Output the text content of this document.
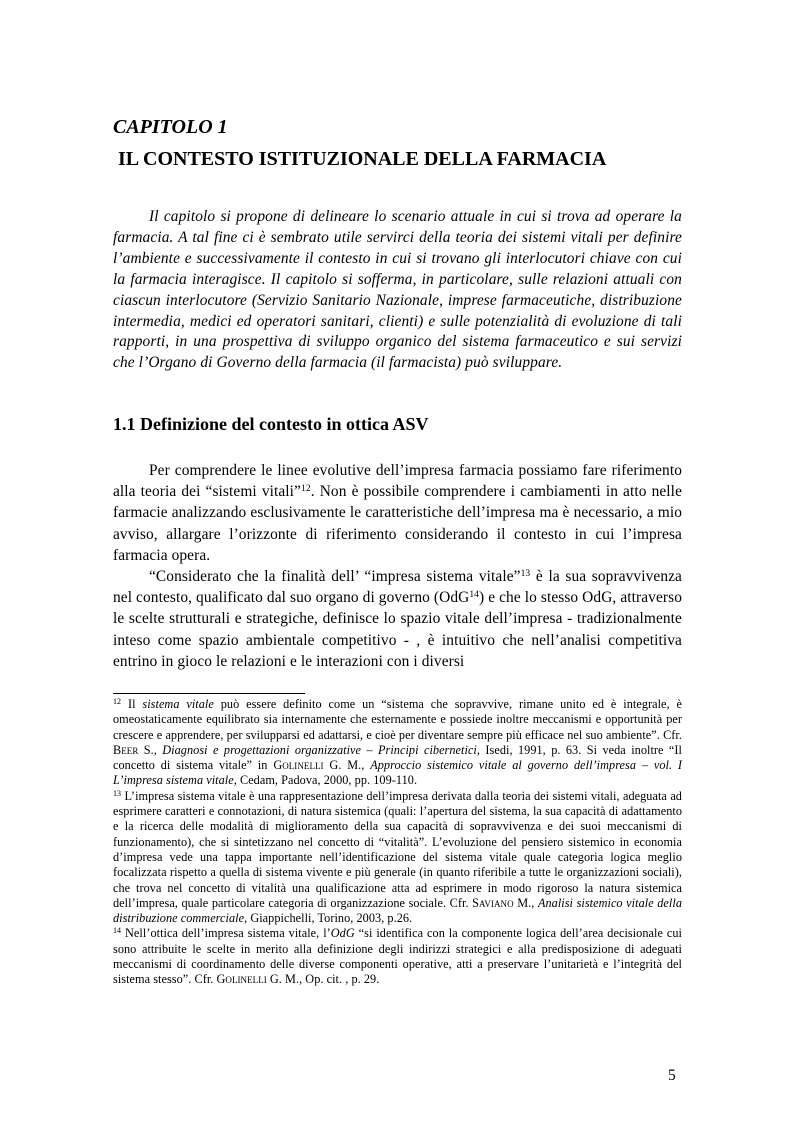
CAPITOLO 1
IL CONTESTO ISTITUZIONALE DELLA FARMACIA

Il capitolo si propone di delineare lo scenario attuale in cui si trova ad operare la farmacia. A tal fine ci è sembrato utile servirci della teoria dei sistemi vitali per definire l’ambiente e successivamente il contesto in cui si trovano gli interlocutori chiave con cui la farmacia interagisce. Il capitolo si sofferma, in particolare, sulle relazioni attuali con ciascun interlocutore (Servizio Sanitario Nazionale, imprese farmaceutiche, distribuzione intermedia, medici ed operatori sanitari, clienti) e sulle potenzialità di evoluzione di tali rapporti, in una prospettiva di sviluppo organico del sistema farmaceutico e sui servizi che l’Organo di Governo della farmacia (il farmacista) può sviluppare.

1.1 Definizione del contesto in ottica ASV

Per comprendere le linee evolutive dell’impresa farmacia possiamo fare riferimento alla teoria dei “sistemi vitali”$^{12}$. Non è possibile comprendere i cambiamenti in atto nelle farmacie analizzando esclusivamente le caratteristiche dell’impresa ma è necessario, a mio avviso, allargare l’orizzonte di riferimento considerando il contesto in cui l’impresa farmacia opera.

“Considerato che la finalità dell’ “impresa sistema vitale”$^{13}$ è la sua sopravvivenza nel contesto, qualificato dal suo organo di governo (OdG$^{14}$) e che lo stesso OdG, attraverso le scelte strutturali e strategiche, definisce lo spazio vitale dell’impresa - tradizionalmente inteso come spazio ambientale competitivo - , è intuitivo che nell’analisi competitiva entrino in gioco le relazioni e le interazioni con i diversi

$^{12}$ Il sistema vitale può essere definito come un “sistema che sopravvive, rimane unito ed è integrale, è omeostaticamente equilibrato sia internamente che esternamente e possiede inoltre meccanismi e opportunità per crescere e apprendere, per svilupparsi ed adattarsi, e cioè per diventare sempre più efficace nel suo ambiente”. Cfr. Beer S., Diagnosi e progettazioni organizzative – Principi cibernetici, Isedi, 1991, p. 63. Si veda inoltre “Il concetto di sistema vitale” in Golinelli G. M., Approccio sistemico vitale al governo dell’impresa – vol. I L’impresa sistema vitale, Cedam, Padova, 2000, pp. 109-110.

$^{13}$ L’impresa sistema vitale è una rappresentazione dell’impresa derivata dalla teoria dei sistemi vitali, adeguata ad esprimere caratteri e connotazioni, di natura sistemica (quali: l’apertura del sistema, la sua capacità di adattamento e la ricerca delle modalità di miglioramento della sua capacità di sopravvivenza e dei suoi meccanismi di funzionamento), che si sintetizzano nel concetto di “vitalità”. L’evoluzione del pensiero sistemico in economia d’impresa vede una tappa importante nell’identificazione del sistema vitale quale categoria logica meglio focalizzata rispetto a quella di sistema vivente e più generale (in quanto riferibile a tutte le organizzazioni sociali), che trova nel concetto di vitalità una qualificazione atta ad esprimere in modo rigoroso la natura sistemica dell’impresa, quale particolare categoria di organizzazione sociale. Cfr. Saviano M., Analisi sistemico vitale della distribuzione commerciale, Giappichelli, Torino, 2003, p.26.

$^{14}$ Nell’ottica dell’impresa sistema vitale, l’OdG “si identifica con la componente logica dell’area decisionale cui sono attribuite le scelte in merito alla definizione degli indirizzi strategici e alla predisposizione di adeguati meccanismi di coordinamento delle diverse componenti operative, atti a preservare l’unitarietà e l’integrità del sistema stesso”. Cfr. Golinelli G. M., Op. cit. , p. 29.

5
